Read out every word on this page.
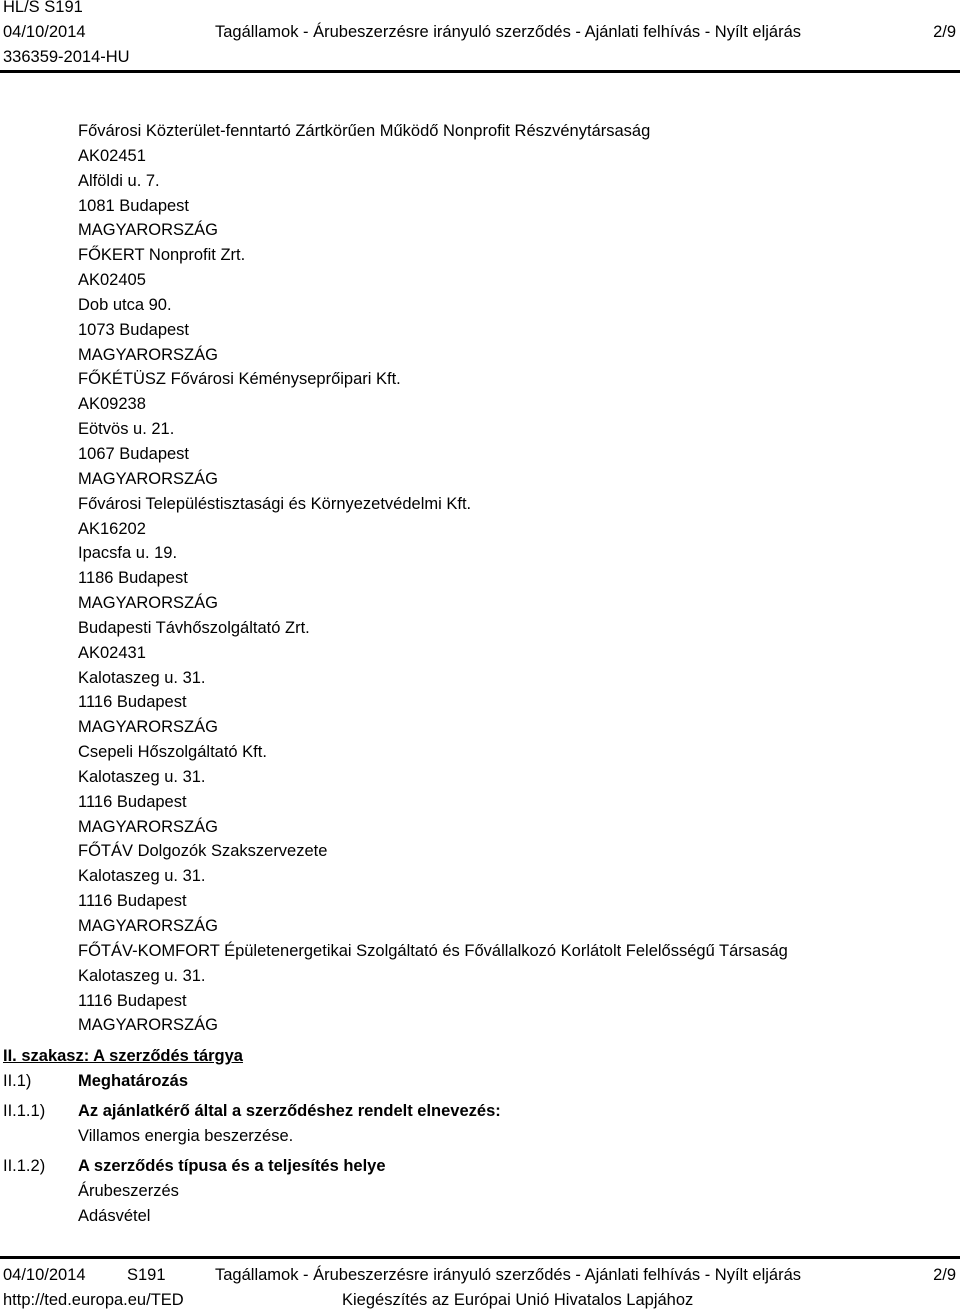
HL/S S191
04/10/2014	Tagállamok - Árubeszerzésre irányuló szerződés - Ajánlati felhívás - Nyílt eljárás	2/9
336359-2014-HU
Fővárosi Közterület-fenntartó Zártkörűen Működő Nonprofit Részvénytársaság
AK02451
Alföldi u. 7.
1081 Budapest
MAGYARORSZÁG
FŐKERT Nonprofit Zrt.
AK02405
Dob utca 90.
1073 Budapest
MAGYARORSZÁG
FŐKÉTÜSZ Fővárosi Kéményseprőipari Kft.
AK09238
Eötvös u. 21.
1067 Budapest
MAGYARORSZÁG
Fővárosi Településtisztasági és Környezetvédelmi Kft.
AK16202
Ipacsfa u. 19.
1186 Budapest
MAGYARORSZÁG
Budapesti Távhőszolgáltató Zrt.
AK02431
Kalotaszeg u. 31.
1116 Budapest
MAGYARORSZÁG
Csepeli Hőszolgáltató Kft.
Kalotaszeg u. 31.
1116 Budapest
MAGYARORSZÁG
FŐTÁV Dolgozók Szakszervezete
Kalotaszeg u. 31.
1116 Budapest
MAGYARORSZÁG
FŐTÁV-KOMFORT Épületenergetikai Szolgáltató és Fővállalkozó Korlátolt Felelősségű Társaság
Kalotaszeg u. 31.
1116 Budapest
MAGYARORSZÁG
II. szakasz: A szerződés tárgya
II.1)	Meghatározás
II.1.1) Az ajánlatkérő által a szerződéshez rendelt elnevezés:
Villamos energia beszerzése.
II.1.2) A szerződés típusa és a teljesítés helye
Árubeszerzés
Adásvétel
04/10/2014	S191	Tagállamok - Árubeszerzésre irányuló szerződés - Ajánlati felhívás - Nyílt eljárás	2/9
http://ted.europa.eu/TED	Kiegészítés az Európai Unió Hivatalos Lapjához
